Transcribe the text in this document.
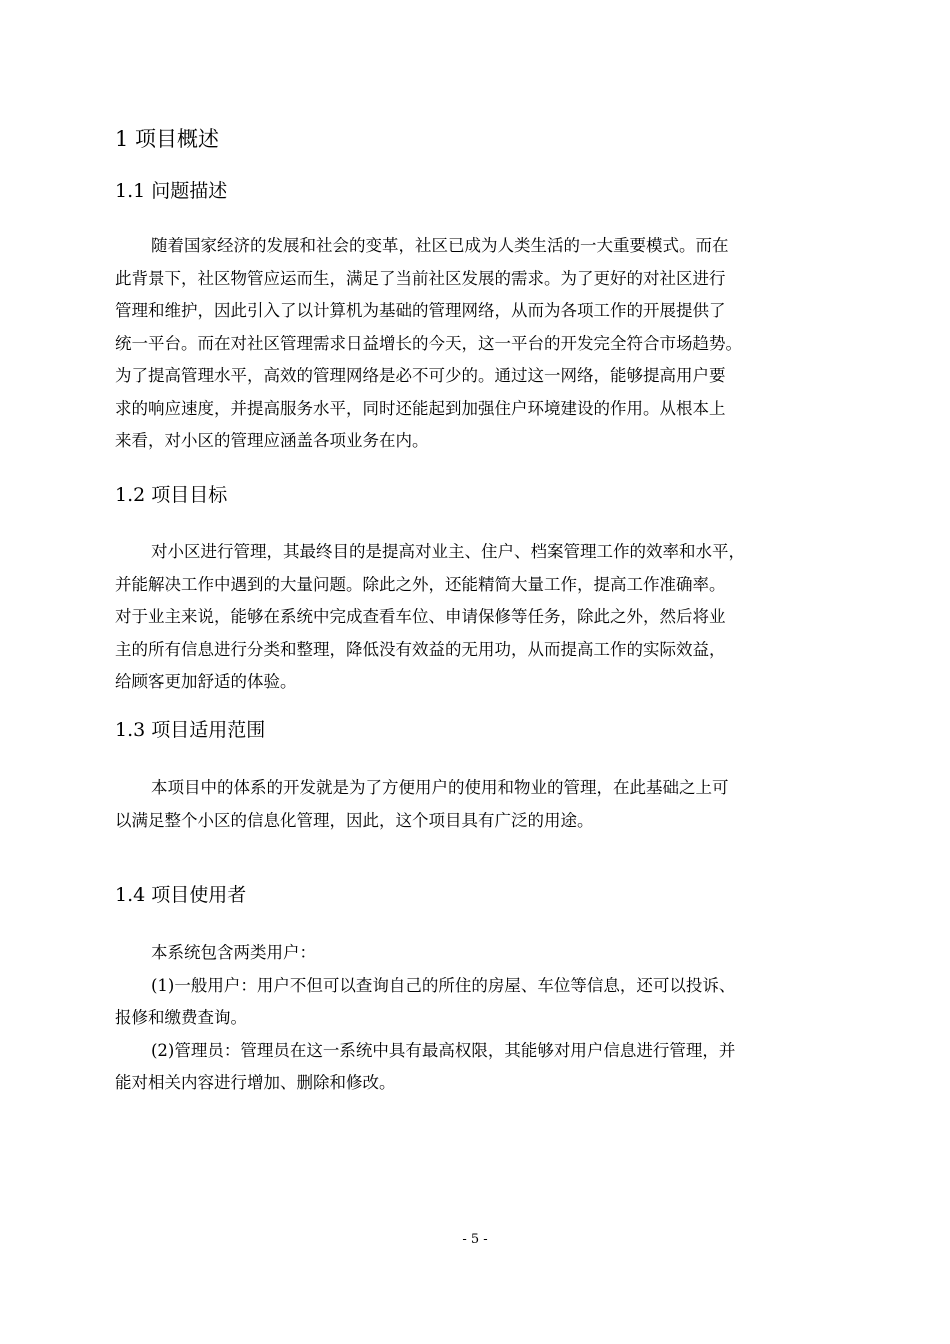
1 项目概述
1.1 问题描述
随着国家经济的发展和社会的变革，社区已成为人类生活的一大重要模式。而在
此背景下，社区物管应运而生，满足了当前社区发展的需求。为了更好的对社区进行
管理和维护，因此引入了以计算机为基础的管理网络，从而为各项工作的开展提供了
统一平台。而在对社区管理需求日益增长的今天，这一平台的开发完全符合市场趋势。
为了提高管理水平，高效的管理网络是必不可少的。通过这一网络，能够提高用户要
求的响应速度，并提高服务水平，同时还能起到加强住户环境建设的作用。从根本上
来看，对小区的管理应涵盖各项业务在内。
1.2 项目目标
对小区进行管理，其最终目的是提高对业主、住户、档案管理工作的效率和水平，
并能解决工作中遇到的大量问题。除此之外，还能精简大量工作，提高工作准确率。
对于业主来说，能够在系统中完成查看车位、申请保修等任务，除此之外，然后将业
主的所有信息进行分类和整理，降低没有效益的无用功，从而提高工作的实际效益，
给顾客更加舒适的体验。
1.3 项目适用范围
本项目中的体系的开发就是为了方便用户的使用和物业的管理，在此基础之上可
以满足整个小区的信息化管理，因此，这个项目具有广泛的用途。
1.4 项目使用者
本系统包含两类用户：
(1)一般用户：用户不但可以查询自己的所住的房屋、车位等信息，还可以投诉、
报修和缴费查询。
(2)管理员：管理员在这一系统中具有最高权限，其能够对用户信息进行管理，并
能对相关内容进行增加、删除和修改。
- 5 -
